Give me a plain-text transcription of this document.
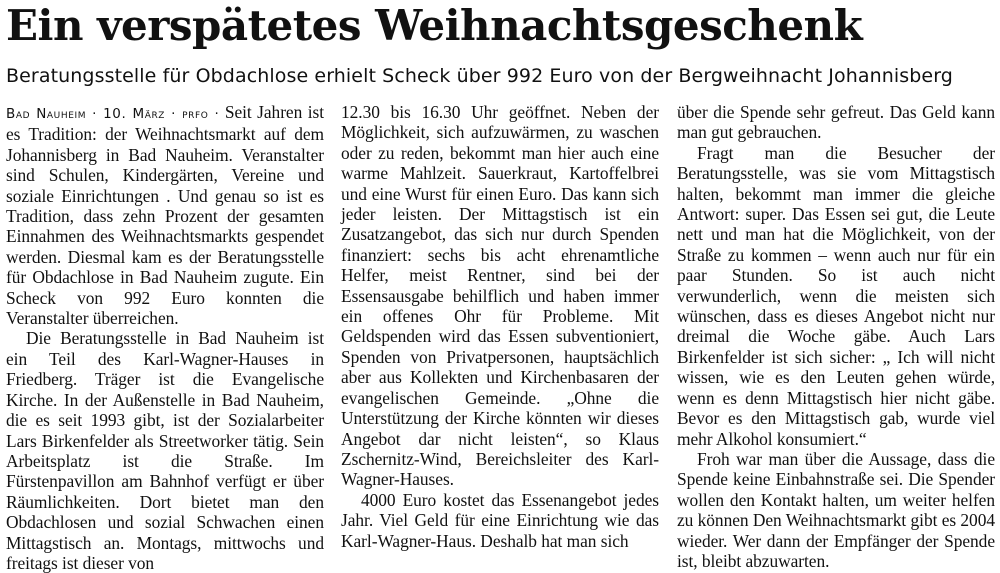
Ein verspätetes Weihnachtsgeschenk
Beratungsstelle für Obdachlose erhielt Scheck über 992 Euro von der Bergweihnacht Johannisberg

Bad Nauheim · 10. März · prfo · Seit Jahren ist es Tradition: der Weihnachtsmarkt auf dem Johannisberg in Bad Nauheim. Veranstalter sind Schulen, Kindergärten, Vereine und soziale Einrichtungen . Und genau so ist es Tradition, dass zehn Prozent der gesamten Einnahmen des Weihnachtsmarkts gespendet werden. Diesmal kam es der Beratungsstelle für Obdachlose in Bad Nauheim zugute. Ein Scheck von 992 Euro konnten die Veranstalter überreichen.

Die Beratungsstelle in Bad Nauheim ist ein Teil des Karl-Wagner-Hauses in Friedberg. Träger ist die Evangelische Kirche. In der Außenstelle in Bad Nauheim, die es seit 1993 gibt, ist der Sozialarbeiter Lars Birkenfelder als Streetworker tätig. Sein Arbeitsplatz ist die Straße. Im Fürstenpavillon am Bahnhof verfügt er über Räumlichkeiten. Dort bietet man den Obdachlosen und sozial Schwachen einen Mittagstisch an. Montags, mittwochs und freitags ist dieser von

12.30 bis 16.30 Uhr geöffnet. Neben der Möglichkeit, sich aufzuwärmen, zu waschen oder zu reden, bekommt man hier auch eine warme Mahlzeit. Sauerkraut, Kartoffelbrei und eine Wurst für einen Euro. Das kann sich jeder leisten. Der Mittagstisch ist ein Zusatzangebot, das sich nur durch Spenden finanziert: sechs bis acht ehrenamtliche Helfer, meist Rentner, sind bei der Essensausgabe behilflich und haben immer ein offenes Ohr für Probleme. Mit Geldspenden wird das Essen subventioniert, Spenden von Privatpersonen, hauptsächlich aber aus Kollekten und Kirchenbasaren der evangelischen Gemeinde. „Ohne die Unterstützung der Kirche könnten wir dieses Angebot dar nicht leisten“, so Klaus Zschernitz-Wind, Bereichsleiter des Karl-Wagner-Hauses.

4000 Euro kostet das Essenangebot jedes Jahr. Viel Geld für eine Einrichtung wie das Karl-Wagner-Haus. Deshalb hat man sich

über die Spende sehr gefreut. Das Geld kann man gut gebrauchen.

Fragt man die Besucher der Beratungsstelle, was sie vom Mittagstisch halten, bekommt man immer die gleiche Antwort: super. Das Essen sei gut, die Leute nett und man hat die Möglichkeit, von der Straße zu kommen – wenn auch nur für ein paar Stunden. So ist auch nicht verwunderlich, wenn die meisten sich wünschen, dass es dieses Angebot nicht nur dreimal die Woche gäbe. Auch Lars Birkenfelder ist sich sicher: „ Ich will nicht wissen, wie es den Leuten gehen würde, wenn es denn Mittagstisch hier nicht gäbe. Bevor es den Mittagstisch gab, wurde viel mehr Alkohol konsumiert.“

Froh war man über die Aussage, dass die Spende keine Einbahnstraße sei. Die Spender wollen den Kontakt halten, um weiter helfen zu können Den Weihnachtsmarkt gibt es 2004 wieder. Wer dann der Empfänger der Spende ist, bleibt abzuwarten.
